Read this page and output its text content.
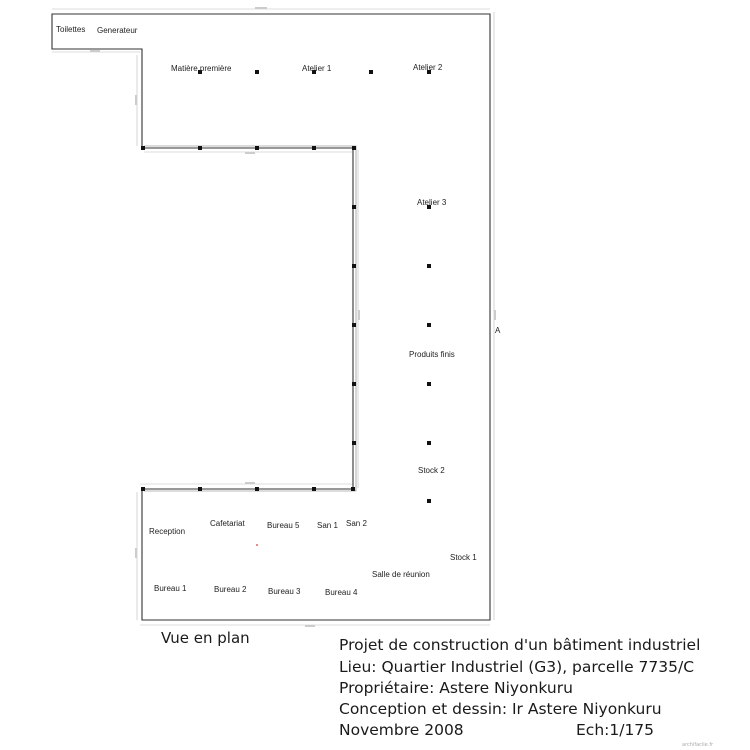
Toilettes Generateur
Matière première	Atelier 1	Atelier 2
Atelier 3
Produits finis
Stock 2
Reception
Cafetariat	Bureau 5 San 1 San 2
Stock 1
Salle de réunion
Bureau 1	Bureau 2	Bureau 3	Bureau 4
A
Vue en plan	Projet de construction d'un bâtiment industriel
Lieu: Quartier Industriel (G3), parcelle 7735/C
Propriétaire: Astere Niyonkuru
Conception et dessin: Ir Astere Niyonkuru
Novembre 2008	Ech:1/175
archifacile.fr
